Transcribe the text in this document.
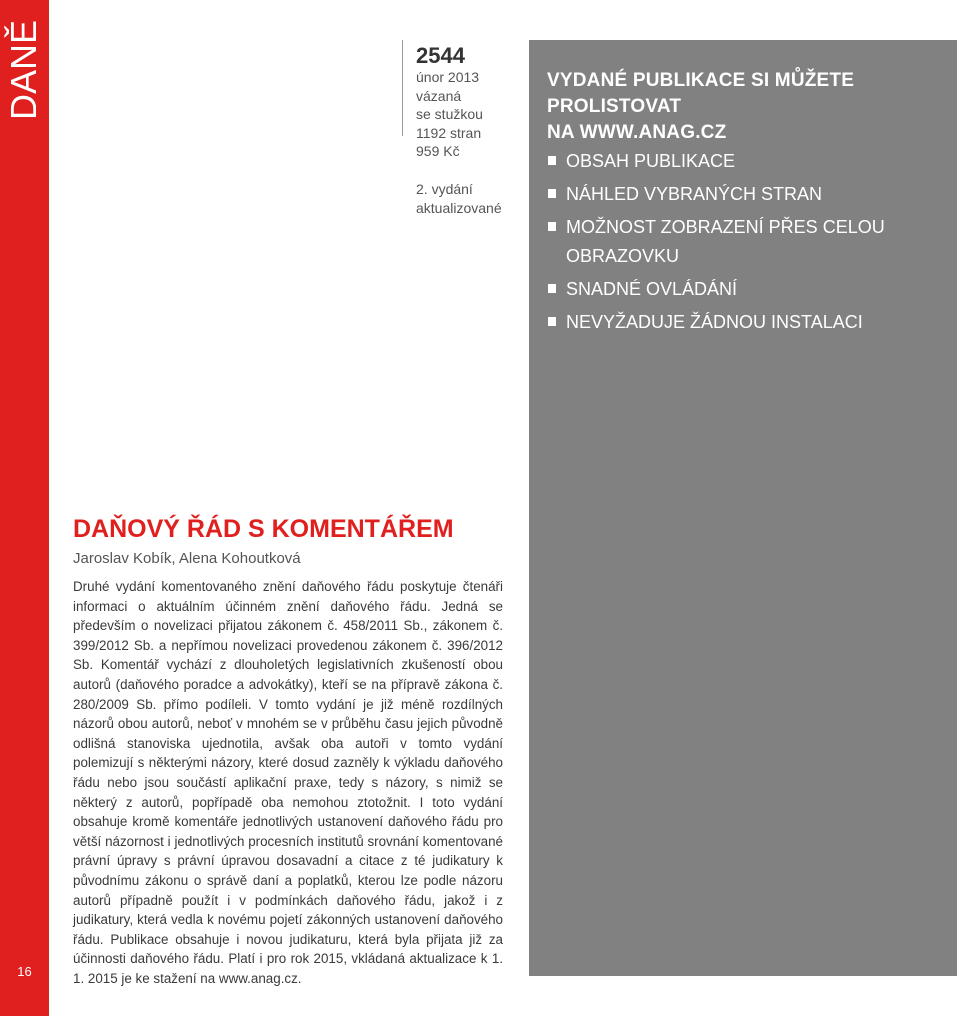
DANĚ
16
2544
únor 2013
vázaná
se stužkou
1192 stran
959 Kč
2. vydání
aktualizované
VYDANÉ PUBLIKACE SI MŮŽETE PROLISTOVAT
NA WWW.ANAG.CZ
OBSAH PUBLIKACE
NÁHLED VYBRANÝCH STRAN
MOŽNOST ZOBRAZENÍ PŘES CELOU OBRAZOVKU
SNADNÉ OVLÁDÁNÍ
NEVYŽADUJE ŽÁDNOU INSTALACI
DAŇOVÝ ŘÁD S KOMENTÁŘEM
Jaroslav Kobík, Alena Kohoutková
Druhé vydání komentovaného znění daňového řádu poskytuje čtenáři informaci o aktuálním účinném znění daňového řádu. Jedná se především o novelizaci přijatou zákonem č. 458/2011 Sb., zákonem č. 399/2012 Sb. a nepřímou novelizaci provedenou zákonem č. 396/2012 Sb. Komentář vychází z dlouholetých legislativních zkušeností obou autorů (daňového poradce a advokátky), kteří se na přípravě zákona č. 280/2009 Sb. přímo podíleli. V tomto vydání je již méně rozdílných názorů obou autorů, neboť v mnohém se v průběhu času jejich původně odlišná stanoviska ujednotila, avšak oba autoři v tomto vydání polemizují s některými názory, které dosud zazněly k výkladu daňového řádu nebo jsou součástí aplikační praxe, tedy s názory, s nimiž se některý z autorů, popřípadě oba nemohou ztotožnit. I toto vydání obsahuje kromě komentáře jednotlivých ustanovení daňového řádu pro větší názornost i jednotlivých procesních institutů srovnání komentované právní úpravy s právní úpravou dosavadní a citace z té judikatury k původnímu zákonu o správě daní a poplatků, kterou lze podle názoru autorů případně použít i v podmínkách daňového řádu, jakož i z judikatury, která vedla k novému pojetí zákonných ustanovení daňového řádu. Publikace obsahuje i novou judikaturu, která byla přijata již za účinnosti daňového řádu. Platí i pro rok 2015, vkládaná aktualizace k 1. 1. 2015 je ke stažení na www.anag.cz.
